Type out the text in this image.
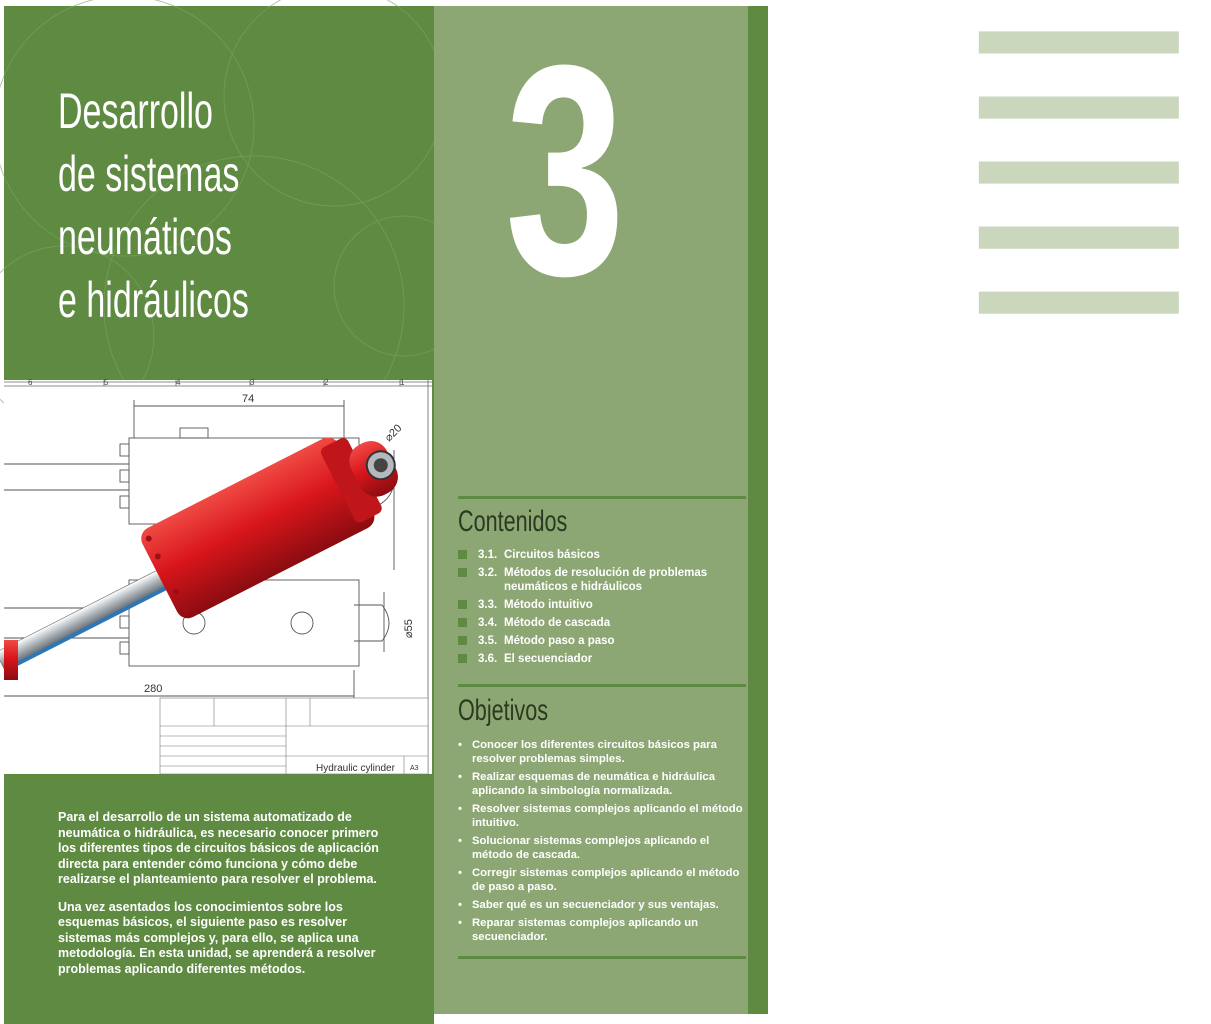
|||||
3
Desarrollo
de sistemas
neumáticos
e hidráulicos
6	5	4	3	2	1
74
⌀20
⌀55
280
Hydraulic cylinder A3
Contenidos
3.1. Circuitos básicos
3.2. Métodos de resolución de problemas neumáticos e hidráulicos
3.3. Método intuitivo
3.4. Método de cascada
3.5. Método paso a paso
3.6. El secuenciador
Objetivos
• Conocer los diferentes circuitos básicos para resolver problemas simples.
• Realizar esquemas de neumática e hidráulica aplicando la simbología normalizada.
• Resolver sistemas complejos aplicando el método intuitivo.
• Solucionar sistemas complejos aplicando el método de cascada.
• Corregir sistemas complejos aplicando el método de paso a paso.
• Saber qué es un secuenciador y sus ventajas.
• Reparar sistemas complejos aplicando un secuenciador.

Para el desarrollo de un sistema automatizado de neumática o hidráulica, es necesario conocer primero los diferentes tipos de circuitos básicos de aplicación directa para entender cómo funciona y cómo debe realizarse el planteamiento para resolver el problema.

Una vez asentados los conocimientos sobre los esquemas básicos, el siguiente paso es resolver sistemas más complejos y, para ello, se aplica una metodología. En esta unidad, se aprenderá a resolver problemas aplicando diferentes métodos.
